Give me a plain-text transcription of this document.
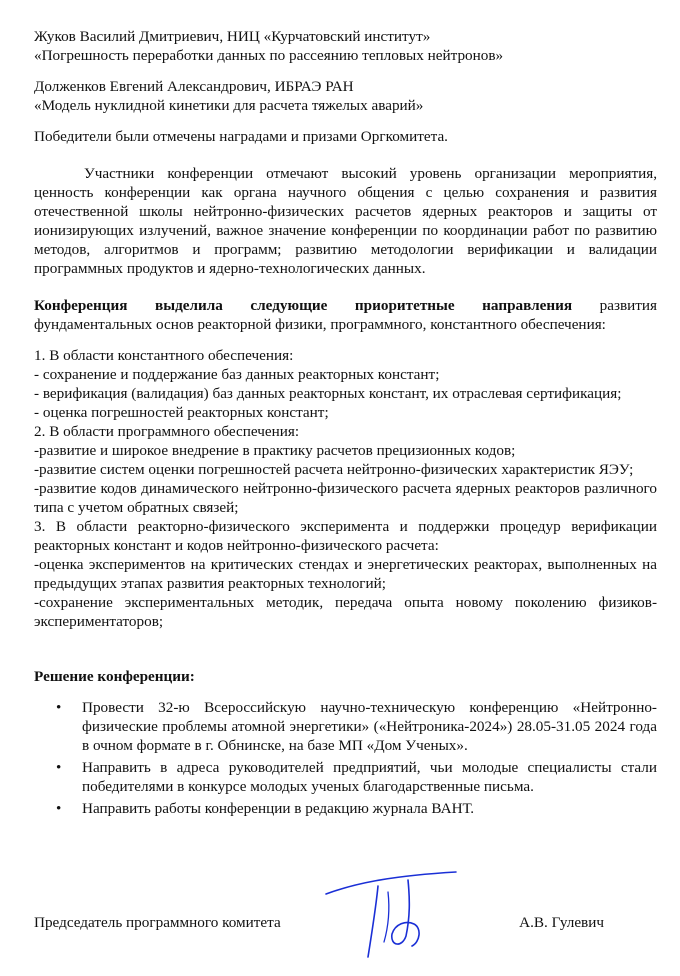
Жуков Василий Дмитриевич, НИЦ «Курчатовский институт»
«Погрешность переработки данных по рассеянию тепловых нейтронов»
Долженков Евгений Александрович, ИБРАЭ РАН
«Модель нуклидной кинетики для расчета тяжелых аварий»

Победители были отмечены наградами и призами Оргкомитета.

Участники конференции отмечают высокий уровень организации мероприятия, ценность конференции как органа научного общения с целью сохранения и развития отечественной школы нейтронно-физических расчетов ядерных реакторов и защиты от ионизирующих излучений, важное значение конференции по координации работ по развитию методов, алгоритмов и программ; развитию методологии верификации и валидации программных продуктов и ядерно-технологических данных.

Конференция выделила следующие приоритетные направления развития фундаментальных основ реакторной физики, программного, константного обеспечения:

1. В области константного обеспечения:

- сохранение и поддержание баз данных реакторных констант;

- верификация (валидация) баз данных реакторных констант, их отраслевая сертификация;

- оценка погрешностей реакторных констант;

2. В области программного обеспечения:

-развитие и широкое внедрение в практику расчетов прецизионных кодов;

-развитие систем оценки погрешностей расчета нейтронно-физических характеристик ЯЭУ;

-развитие кодов динамического нейтронно-физического расчета ядерных реакторов различного типа с учетом обратных связей;

3. В области реакторно-физического эксперимента и поддержки процедур верификации реакторных констант и кодов нейтронно-физического расчета:

-оценка экспериментов на критических стендах и энергетических реакторах, выполненных на предыдущих этапах развития реакторных технологий;

-сохранение экспериментальных методик, передача опыта новому поколению физиков-экспериментаторов;

Решение конференции:

• Провести 32-ю Всероссийскую научно-техническую конференцию «Нейтронно-физические проблемы атомной энергетики» («Нейтроника-2024») 28.05-31.05 2024 года в очном формате в г. Обнинске, на базе МП «Дом Ученых».
• Направить в адреса руководителей предприятий, чьи молодые специалисты стали победителями в конкурсе молодых ученых благодарственные письма.
• Направить работы конференции в редакцию журнала ВАНТ.
Председатель программного комитета	А.В. Гулевич
